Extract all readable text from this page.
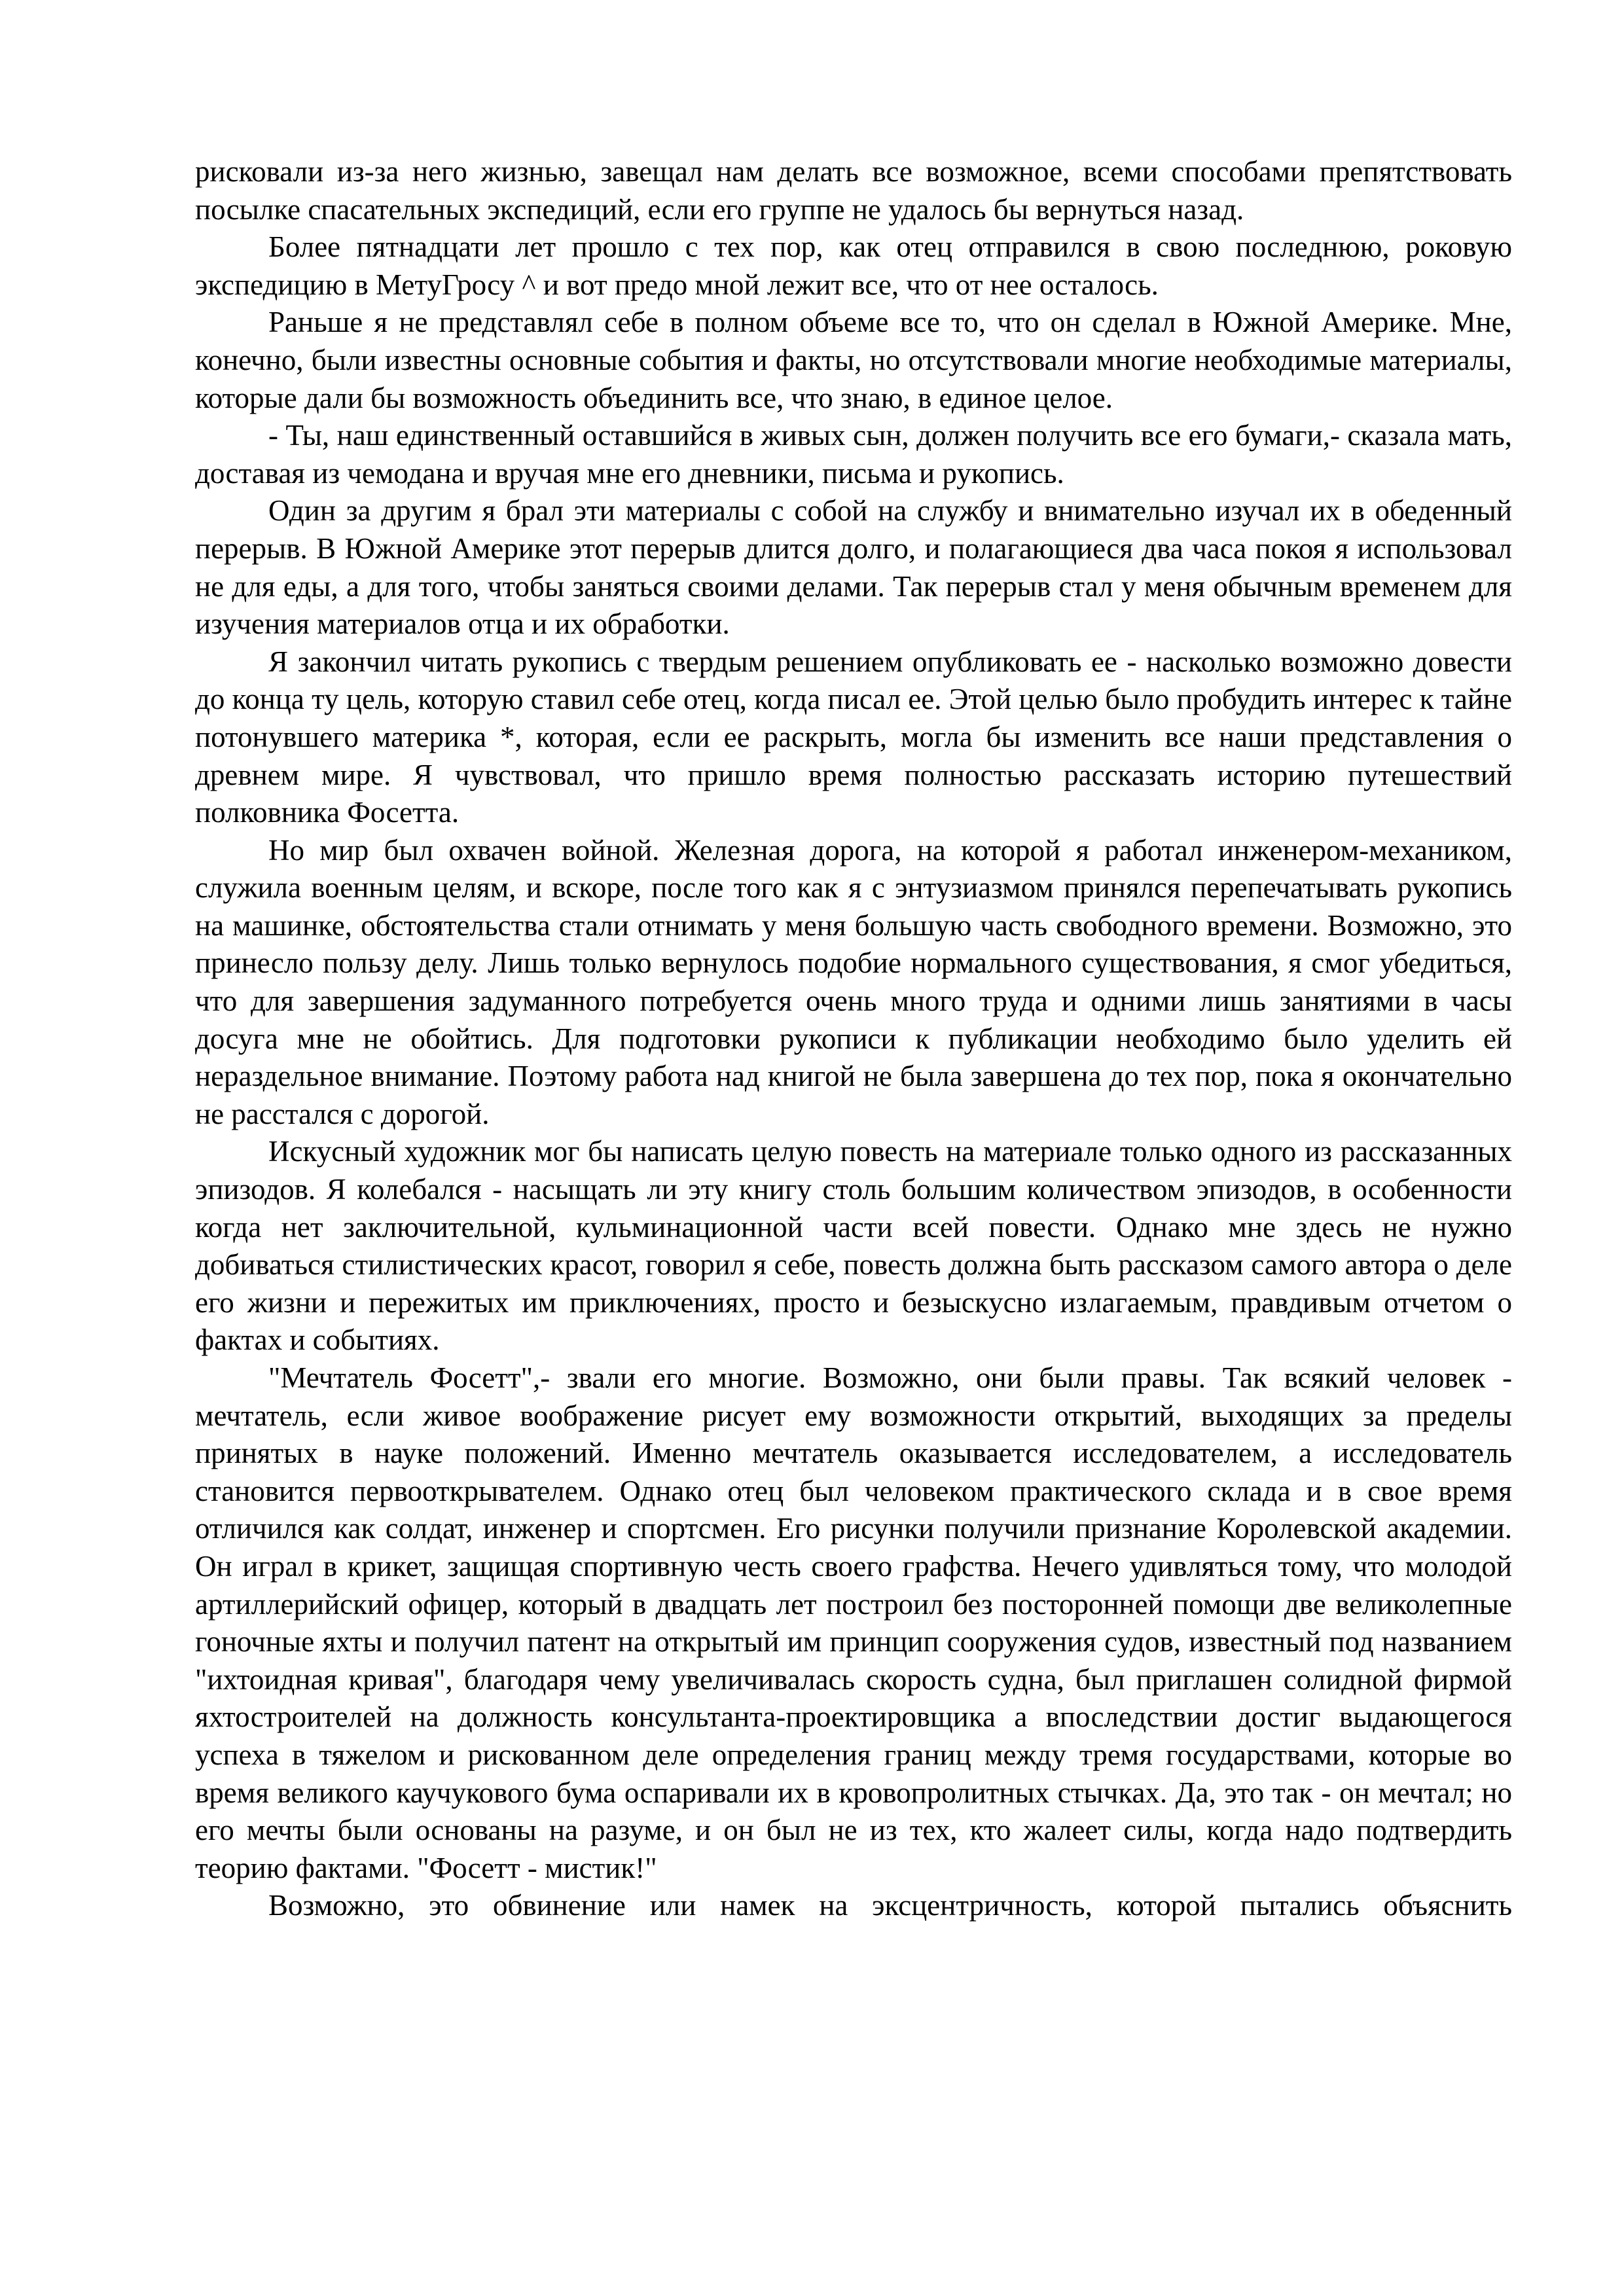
рисковали из-за него жизнью, завещал нам делать все возможное, всеми способами препятствовать посылке спасательных экспедиций, если его группе не удалось бы вернуться назад.

Более пятнадцати лет прошло с тех пор, как отец отправился в свою последнюю, роковую экспедицию в МетуГросу ^ и вот предо мной лежит все, что от нее осталось.

Раньше я не представлял себе в полном объеме все то, что он сделал в Южной Америке. Мне, конечно, были известны основные события и факты, но отсутствовали многие необходимые материалы, которые дали бы возможность объединить все, что знаю, в единое целое.

- Ты, наш единственный оставшийся в живых сын, должен получить все его бумаги,- сказала мать, доставая из чемодана и вручая мне его дневники, письма и рукопись.

Один за другим я брал эти материалы с собой на службу и внимательно изучал их в обеденный перерыв. В Южной Америке этот перерыв длится долго, и полагающиеся два часа покоя я использовал не для еды, а для того, чтобы заняться своими делами. Так перерыв стал у меня обычным временем для изучения материалов отца и их обработки.

Я закончил читать рукопись с твердым решением опубликовать ее - насколько возможно довести до конца ту цель, которую ставил себе отец, когда писал ее. Этой целью было пробудить интерес к тайне потонувшего материка *, которая, если ее раскрыть, могла бы изменить все наши представления о древнем мире. Я чувствовал, что пришло время полностью рассказать историю путешествий полковника Фосетта.

Но мир был охвачен войной. Железная дорога, на которой я работал инженером-механиком, служила военным целям, и вскоре, после того как я с энтузиазмом принялся перепечатывать рукопись на машинке, обстоятельства стали отнимать у меня большую часть свободного времени. Возможно, это принесло пользу делу. Лишь только вернулось подобие нормального существования, я смог убедиться, что для завершения задуманного потребуется очень много труда и одними лишь занятиями в часы досуга мне не обойтись. Для подготовки рукописи к публикации необходимо было уделить ей нераздельное внимание. Поэтому работа над книгой не была завершена до тех пор, пока я окончательно не расстался с дорогой.

Искусный художник мог бы написать целую повесть на материале только одного из рассказанных эпизодов. Я колебался - насыщать ли эту книгу столь большим количеством эпизодов, в особенности когда нет заключительной, кульминационной части всей повести. Однако мне здесь не нужно добиваться стилистических красот, говорил я себе, повесть должна быть рассказом самого автора о деле его жизни и пережитых им приключениях, просто и безыскусно излагаемым, правдивым отчетом о фактах и событиях.

"Мечтатель Фосетт",- звали его многие. Возможно, они были правы. Так всякий человек - мечтатель, если живое воображение рисует ему возможности открытий, выходящих за пределы принятых в науке положений. Именно мечтатель оказывается исследователем, а исследователь становится первооткрывателем. Однако отец был человеком практического склада и в свое время отличился как солдат, инженер и спортсмен. Его рисунки получили признание Королевской академии. Он играл в крикет, защищая спортивную честь своего графства. Нечего удивляться тому, что молодой артиллерийский офицер, который в двадцать лет построил без посторонней помощи две великолепные гоночные яхты и получил патент на открытый им принцип сооружения судов, известный под названием "ихтоидная кривая", благодаря чему увеличивалась скорость судна, был приглашен солидной фирмой яхтостроителей на должность консультанта-проектировщика а впоследствии достиг выдающегося успеха в тяжелом и рискованном деле определения границ между тремя государствами, которые во время великого каучукового бума оспаривали их в кровопролитных стычках. Да, это так - он мечтал; но его мечты были основаны на разуме, и он был не из тех, кто жалеет силы, когда надо подтвердить теорию фактами. "Фосетт - мистик!"

Возможно, это обвинение или намек на эксцентричность, которой пытались объяснить
